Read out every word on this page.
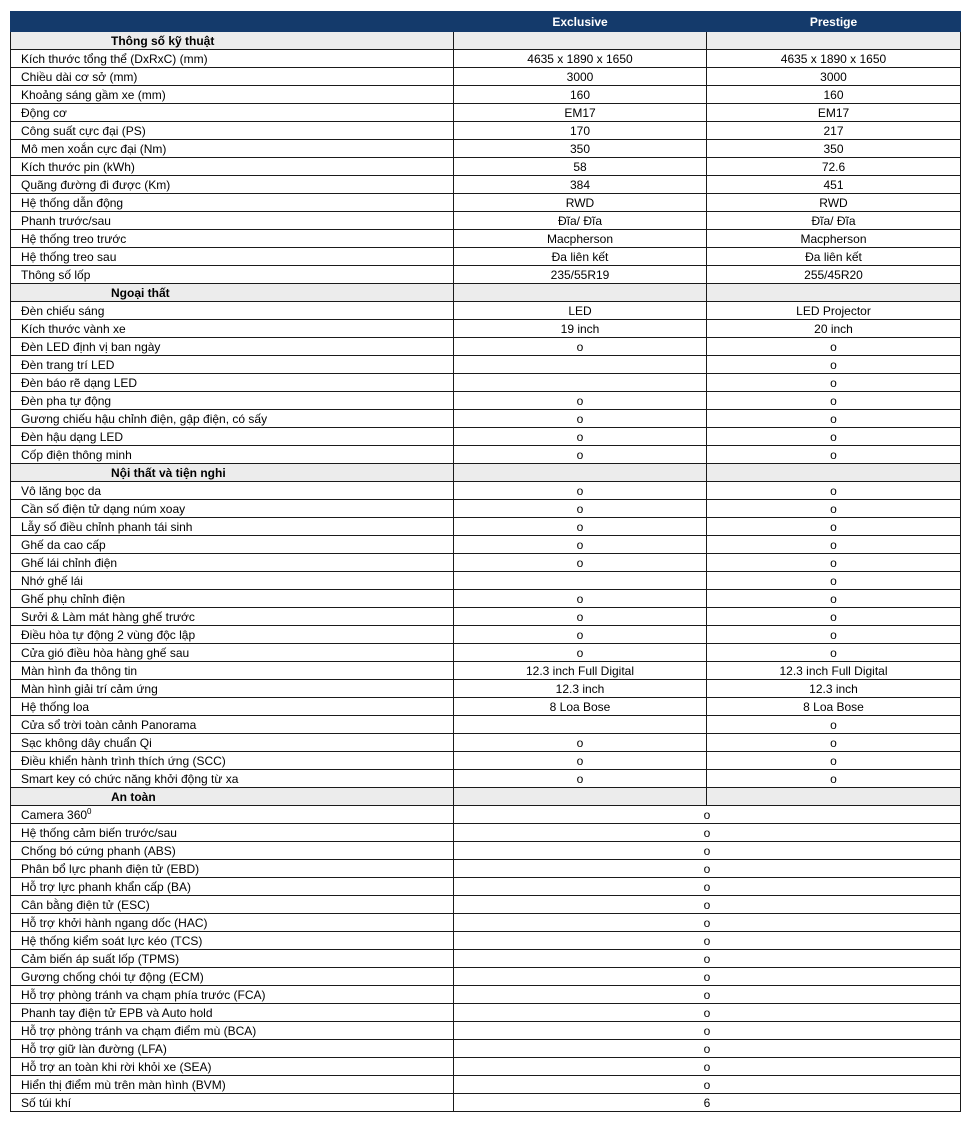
	Exclusive	Prestige
Thông số kỹ thuật		
Kích thước tổng thể (DxRxC) (mm)	4635 x 1890 x 1650	4635 x 1890 x 1650
Chiều dài cơ sở (mm)	3000	3000
Khoảng sáng gầm xe (mm)	160	160
Động cơ	EM17	EM17
Công suất cực đại (PS)	170	217
Mô men xoắn cực đại (Nm)	350	350
Kích thước pin (kWh)	58	72.6
Quãng đường đi được (Km)	384	451
Hệ thống dẫn động	RWD	RWD
Phanh trước/sau	Đĩa/ Đĩa	Đĩa/ Đĩa
Hệ thống treo trước	Macpherson	Macpherson
Hệ thống treo sau	Đa liên kết	Đa liên kết
Thông số lốp	235/55R19	255/45R20
Ngoại thất		
Đèn chiếu sáng	LED	LED Projector
Kích thước vành xe	19 inch	20 inch
Đèn LED định vị ban ngày	o	o
Đèn trang trí LED		o
Đèn báo rẽ dạng LED		o
Đèn pha tự động	o	o
Gương chiếu hậu chỉnh điện, gập điện, có sấy	o	o
Đèn hậu dạng LED	o	o
Cốp điện thông minh	o	o
Nội thất và tiện nghi		
Vô lăng bọc da	o	o
Cần số điện tử dạng núm xoay	o	o
Lẫy số điều chỉnh phanh tái sinh	o	o
Ghế da cao cấp	o	o
Ghế lái chỉnh điện	o	o
Nhớ ghế lái		o
Ghế phụ chỉnh điện	o	o
Sưởi & Làm mát hàng ghế trước	o	o
Điều hòa tự động 2 vùng độc lập	o	o
Cửa gió điều hòa hàng ghế sau	o	o
Màn hình đa thông tin	12.3 inch Full Digital	12.3 inch Full Digital
Màn hình giải trí cảm ứng	12.3 inch	12.3 inch
Hệ thống loa	8 Loa Bose	8 Loa Bose
Cửa sổ trời toàn cảnh Panorama		o
Sạc không dây chuẩn Qi	o	o
Điều khiển hành trình thích ứng (SCC)	o	o
Smart key có chức năng khởi động từ xa	o	o
An toàn		
Camera $360^0$	o	
Hệ thống cảm biến trước/sau	o	
Chống bó cứng phanh (ABS)	o	
Phân bổ lực phanh điện tử (EBD)	o	
Hỗ trợ lực phanh khẩn cấp (BA)	o	
Cân bằng điện tử (ESC)	o	
Hỗ trợ khởi hành ngang dốc (HAC)	o	
Hệ thống kiểm soát lực kéo (TCS)	o	
Cảm biến áp suất lốp (TPMS)	o	
Gương chống chói tự động (ECM)	o	
Hỗ trợ phòng tránh va chạm phía trước (FCA)	o	
Phanh tay điện tử EPB và Auto hold	o	
Hỗ trợ phòng tránh va chạm điểm mù (BCA)	o	
Hỗ trợ giữ làn đường (LFA)	o	
Hỗ trợ an toàn khi rời khỏi xe (SEA)	o	
Hiển thị điểm mù trên màn hình (BVM)	o	
Số túi khí	6	
